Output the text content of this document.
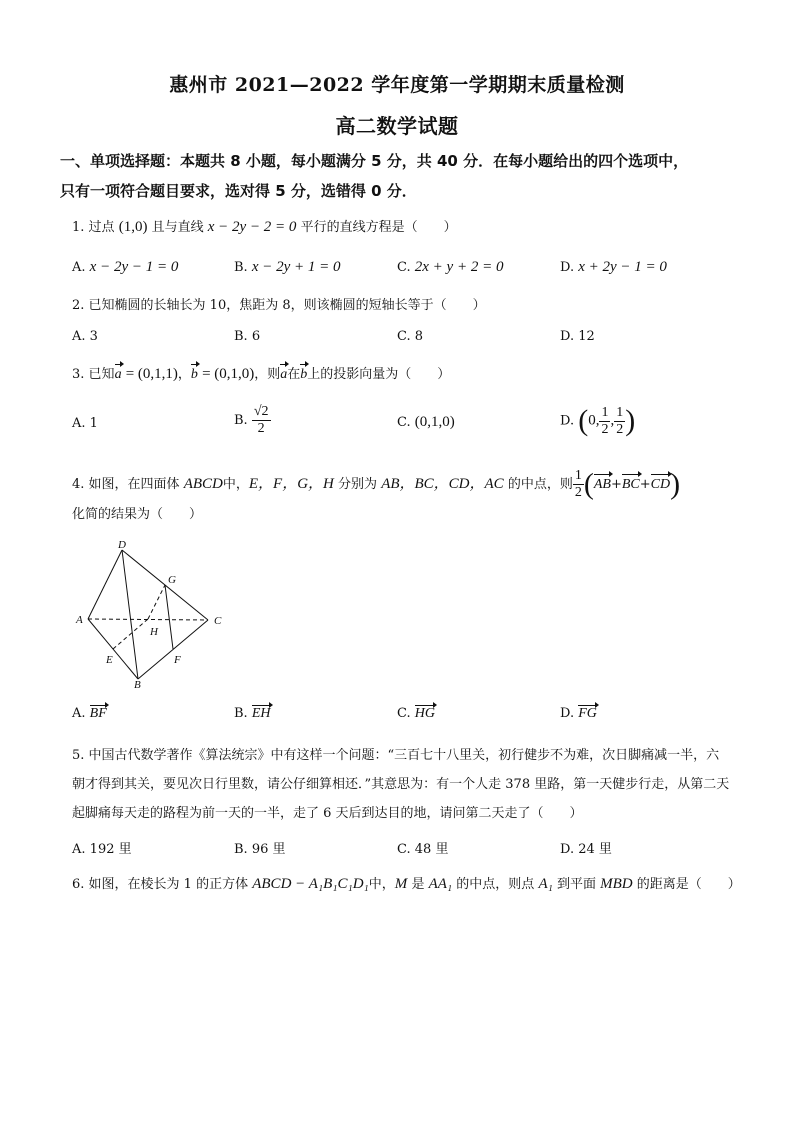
惠州市 2021—2022 学年度第一学期期末质量检测
高二数学试题
一、单项选择题：本题共 8 小题，每小题满分 5 分，共 40 分．在每小题给出的四个选项中，
只有一项符合题目要求，选对得 5 分，选错得 0 分．
1. 过点 (1,0) 且与直线 x − 2y − 2 = 0 平行的直线方程是（　　）
A. x − 2y − 1 = 0	B. x − 2y + 1 = 0	C. 2x + y + 2 = 0	D. x + 2y − 1 = 0
2. 已知椭圆的长轴长为 10，焦距为 8，则该椭圆的短轴长等于（　　）
A. 3	B. 6	C. 8	D. 12
3. 已知a = (0,1,1)，b = (0,1,0)，则a在b上的投影向量为（　　）
A. 1	B. $\frac{√2}{2}$	C. (0,1,0)	D. (0, $\frac{1}{2}$ , $\frac{1}{2}$ )
4. 如图，在四面体 ABCD中，E，F，G，H 分别为 AB，BC，CD，AC 的中点，则 $\frac{1}{2} (AB+BC+CD)$
化简的结果为（　　）
D
G
A
H
C
E	F
B
A. BF	B. EH	C. HG	D. FG
5. 中国古代数学著作《算法统宗》中有这样一个问题：“三百七十八里关，初行健步不为难，次日脚痛减一半，六朝才得到其关，要见次日行里数，请公仔细算相还．”其意思为：有一个人走 378 里路，第一天健步行走，从第二天起脚痛每天走的路程为前一天的一半，走了 6 天后到达目的地，请问第二天走了（　　）
A. 192 里	B. 96 里	C. 48 里	D. 24 里
6. 如图，在棱长为 1 的正方体 ABCD − A₁B₁C₁D₁中，M 是 AA₁ 的中点，则点 A₁ 到平面 MBD 的距离是（　　）
